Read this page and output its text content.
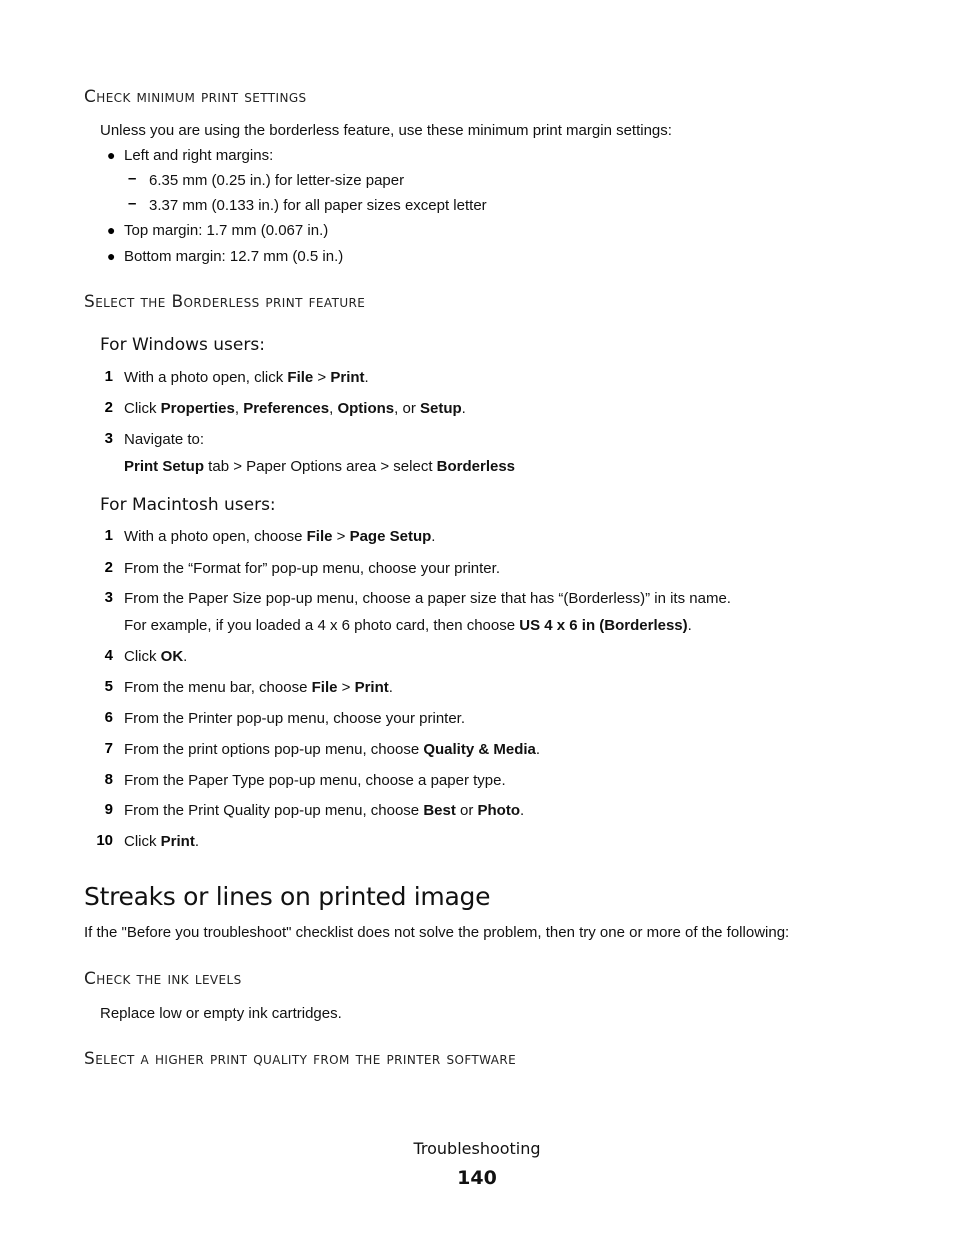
Check minimum print settings
Unless you are using the borderless feature, use these minimum print margin settings:
● Left and right margins:
– 6.35 mm (0.25 in.) for letter-size paper
– 3.37 mm (0.133 in.) for all paper sizes except letter
● Top margin: 1.7 mm (0.067 in.)
● Bottom margin: 12.7 mm (0.5 in.)
Select the Borderless print feature
For Windows users:
1 With a photo open, click File > Print.
2 Click Properties, Preferences, Options, or Setup.
3 Navigate to:
Print Setup tab > Paper Options area > select Borderless
For Macintosh users:
1 With a photo open, choose File > Page Setup.
2 From the “Format for” pop-up menu, choose your printer.
3 From the Paper Size pop-up menu, choose a paper size that has “(Borderless)” in its name.
For example, if you loaded a 4 x 6 photo card, then choose US 4 x 6 in (Borderless).
4 Click OK.
5 From the menu bar, choose File > Print.
6 From the Printer pop-up menu, choose your printer.
7 From the print options pop-up menu, choose Quality & Media.
8 From the Paper Type pop-up menu, choose a paper type.
9 From the Print Quality pop-up menu, choose Best or Photo.
10 Click Print.
Streaks or lines on printed image
If the "Before you troubleshoot" checklist does not solve the problem, then try one or more of the following:
Check the ink levels
Replace low or empty ink cartridges.
Select a higher print quality from the printer software
Troubleshooting
140
